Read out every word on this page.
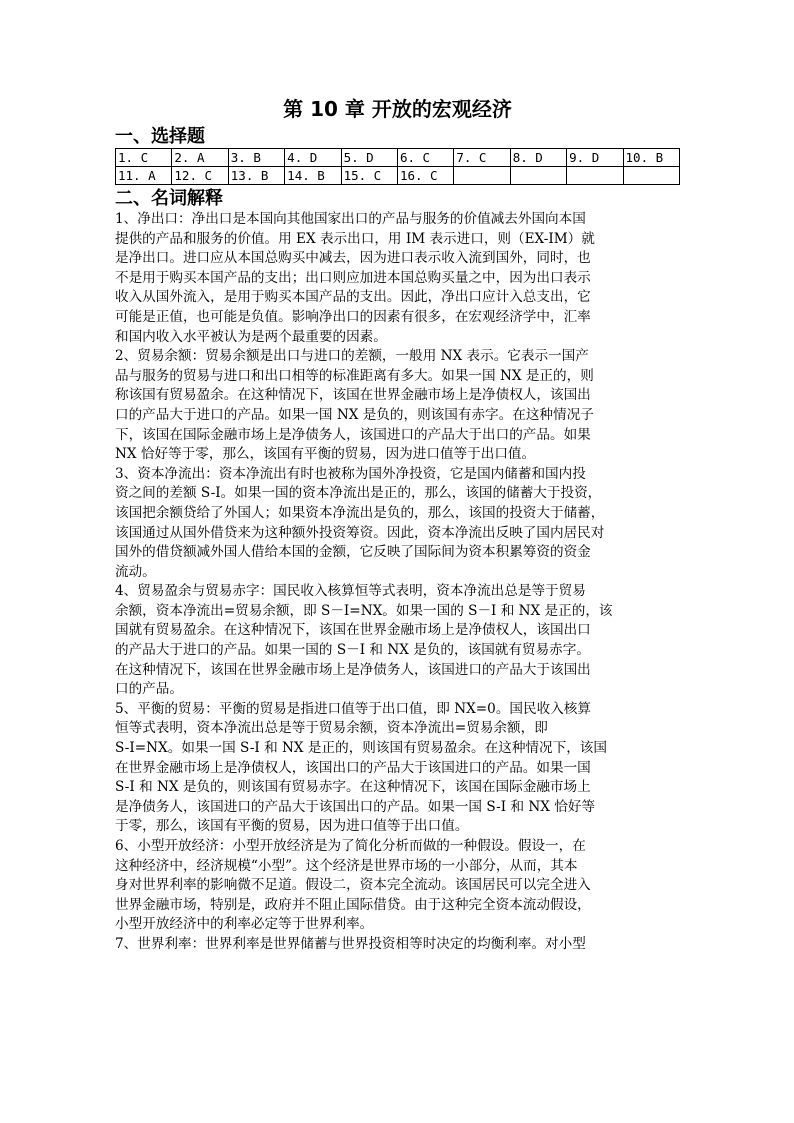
第 10 章 开放的宏观经济
一、选择题
1. C	2. A	3. B	4. D	5. D	6. C	7. C	8. D	9. D	10. B
11. A	12. C	13. B	14. B	15. C	16. C				
二、名词解释
1、净出口：净出口是本国向其他国家出口的产品与服务的价值减去外国向本国
提供的产品和服务的价值。用 EX 表示出口，用 IM 表示进口，则（EX-IM）就
是净出口。进口应从本国总购买中减去，因为进口表示收入流到国外，同时，也
不是用于购买本国产品的支出；出口则应加进本国总购买量之中，因为出口表示
收入从国外流入，是用于购买本国产品的支出。因此，净出口应计入总支出，它
可能是正值，也可能是负值。影响净出口的因素有很多，在宏观经济学中，汇率
和国内收入水平被认为是两个最重要的因素。
2、贸易余额：贸易余额是出口与进口的差额，一般用 NX 表示。它表示一国产
品与服务的贸易与进口和出口相等的标准距离有多大。如果一国 NX 是正的，则
称该国有贸易盈余。在这种情况下，该国在世界金融市场上是净债权人，该国出
口的产品大于进口的产品。如果一国 NX 是负的，则该国有赤字。在这种情况子
下，该国在国际金融市场上是净债务人，该国进口的产品大于出口的产品。如果
NX 恰好等于零，那么，该国有平衡的贸易，因为进口值等于出口值。
3、资本净流出：资本净流出有时也被称为国外净投资，它是国内储蓄和国内投
资之间的差额 S-I。如果一国的资本净流出是正的，那么，该国的储蓄大于投资，
该国把余额贷给了外国人；如果资本净流出是负的，那么，该国的投资大于储蓄，
该国通过从国外借贷来为这种额外投资筹资。因此，资本净流出反映了国内居民对
国外的借贷额减外国人借给本国的金额，它反映了国际间为资本积累筹资的资金
流动。
4、贸易盈余与贸易赤字：国民收入核算恒等式表明，资本净流出总是等于贸易
余额，资本净流出=贸易余额，即 S－I=NX。如果一国的 S－I 和 NX 是正的，该
国就有贸易盈余。在这种情况下，该国在世界金融市场上是净债权人，该国出口
的产品大于进口的产品。如果一国的 S－I 和 NX 是负的，该国就有贸易赤字。
在这种情况下，该国在世界金融市场上是净债务人，该国进口的产品大于该国出
口的产品。
5、平衡的贸易：平衡的贸易是指进口值等于出口值，即 NX=0。国民收入核算
恒等式表明，资本净流出总是等于贸易余额，资本净流出=贸易余额，即
S-I=NX。如果一国 S-I 和 NX 是正的，则该国有贸易盈余。在这种情况下，该国
在世界金融市场上是净债权人，该国出口的产品大于该国进口的产品。如果一国
S-I 和 NX 是负的，则该国有贸易赤字。在这种情况下，该国在国际金融市场上
是净债务人，该国进口的产品大于该国出口的产品。如果一国 S-I 和 NX 恰好等
于零，那么，该国有平衡的贸易，因为进口值等于出口值。
6、小型开放经济：小型开放经济是为了简化分析而做的一种假设。假设一，在
这种经济中，经济规模“小型”。这个经济是世界市场的一小部分，从而，其本
身对世界利率的影响微不足道。假设二，资本完全流动。该国居民可以完全进入
世界金融市场，特别是，政府并不阻止国际借贷。由于这种完全资本流动假设，
小型开放经济中的利率必定等于世界利率。
7、世界利率：世界利率是世界储蓄与世界投资相等时决定的均衡利率。对小型
